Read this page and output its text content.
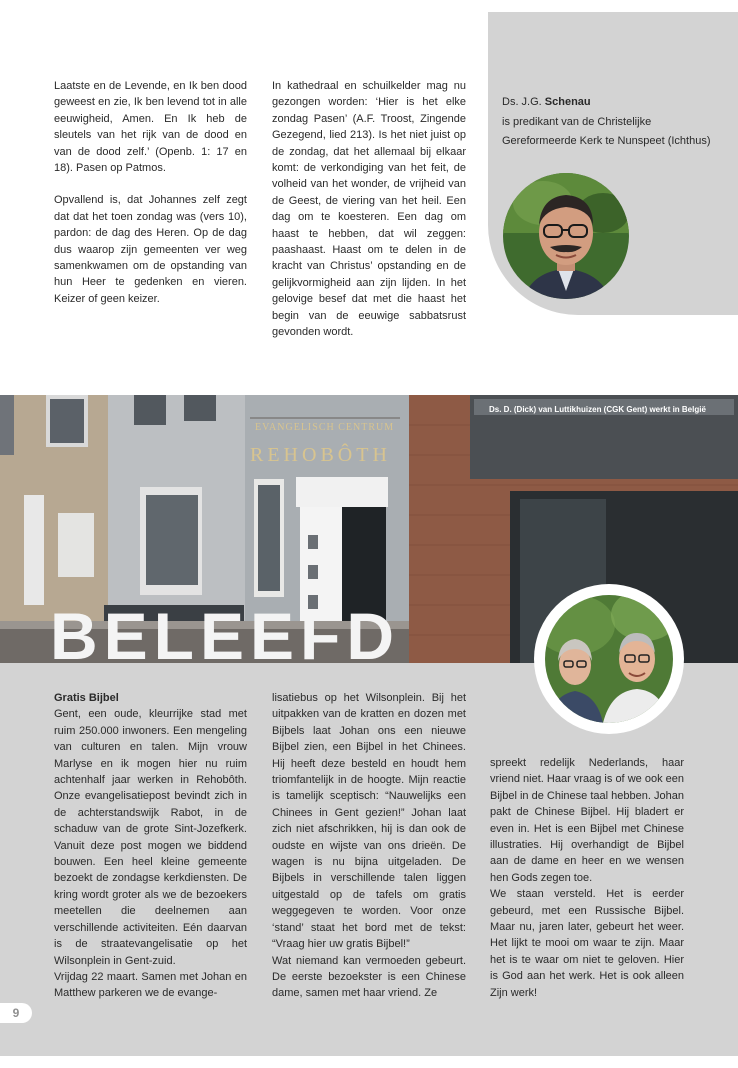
Laatste en de Levende, en Ik ben dood geweest en zie, Ik ben levend tot in alle eeuwigheid, Amen. En Ik heb de sleutels van het rijk van de dood en van de dood zelf.’ (Openb. 1: 17 en 18). Pasen op Patmos.

Opvallend is, dat Johannes zelf zegt dat dat het toen zondag was (vers 10), pardon: de dag des Heren. Op de dag dus waarop zijn gemeenten ver weg samenkwamen om de opstanding van hun Heer te gedenken en vieren. Keizer of geen keizer.

In kathedraal en schuilkelder mag nu gezongen worden: ‘Hier is het elke zondag Pasen’ (A.F. Troost, Zingende Gezegend, lied 213). Is het niet juist op de zondag, dat het allemaal bij elkaar komt: de verkondiging van het feit, de volheid van het wonder, de vrijheid van de Geest, de viering van het heil. Een dag om te koesteren. Een dag om haast te hebben, dat wil zeggen: paashaast. Haast om te delen in de kracht van Christus’ opstanding en de gelijkvormigheid aan zijn lijden. In het gelovige besef dat met die haast het begin van de eeuwige sabbatsrust gevonden wordt.

Ds. J.G. Schenau
is predikant van de Christelijke Gereformeerde Kerk te Nunspeet (Ichthus)
EVANGELISCH CENTRUM
REHOBÔTH
Ds. D. (Dick) van Luttikhuizen (CGK Gent) werkt in België
BELEEFD

Gratis Bijbel

Gent, een oude, kleurrijke stad met ruim 250.000 inwoners. Een mengeling van culturen en talen. Mijn vrouw Marlyse en ik mogen hier nu ruim achtenhalf jaar werken in Rehobôth. Onze evangelisatiepost bevindt zich in de achterstandswijk Rabot, in de schaduw van de grote Sint-Jozefkerk. Vanuit deze post mogen we biddend bouwen. Een heel kleine gemeente bezoekt de zondagse kerkdiensten. De kring wordt groter als we de bezoekers meetellen die deelnemen aan verschillende activiteiten. Eén daarvan is de straatevangelisatie op het Wilsonplein in Gent-zuid.

Vrijdag 22 maart. Samen met Johan en Matthew parkeren we de evange-

lisatiebus op het Wilsonplein. Bij het uitpakken van de kratten en dozen met Bijbels laat Johan ons een nieuwe Bijbel zien, een Bijbel in het Chinees. Hij heeft deze besteld en houdt hem triomfantelijk in de hoogte. Mijn reactie is tamelijk sceptisch: “Nauwelijks een Chinees in Gent gezien!” Johan laat zich niet afschrikken, hij is dan ook de oudste en wijste van ons drieën. De wagen is nu bijna uitgeladen. De Bijbels in verschillende talen liggen uitgestald op de tafels om gratis weggegeven te worden. Voor onze ‘stand’ staat het bord met de tekst: “Vraag hier uw gratis Bijbel!”

Wat niemand kan vermoeden gebeurt. De eerste bezoekster is een Chinese dame, samen met haar vriend. Ze

spreekt redelijk Nederlands, haar vriend niet. Haar vraag is of we ook een Bijbel in de Chinese taal hebben. Johan pakt de Chinese Bijbel. Hij bladert er even in. Het is een Bijbel met Chinese illustraties. Hij overhandigt de Bijbel aan de dame en heer en we wensen hen Gods zegen toe.

We staan versteld. Het is eerder gebeurd, met een Russische Bijbel. Maar nu, jaren later, gebeurt het weer. Het lijkt te mooi om waar te zijn. Maar het is te waar om niet te geloven. Hier is God aan het werk. Het is ook alleen Zijn werk!

9
